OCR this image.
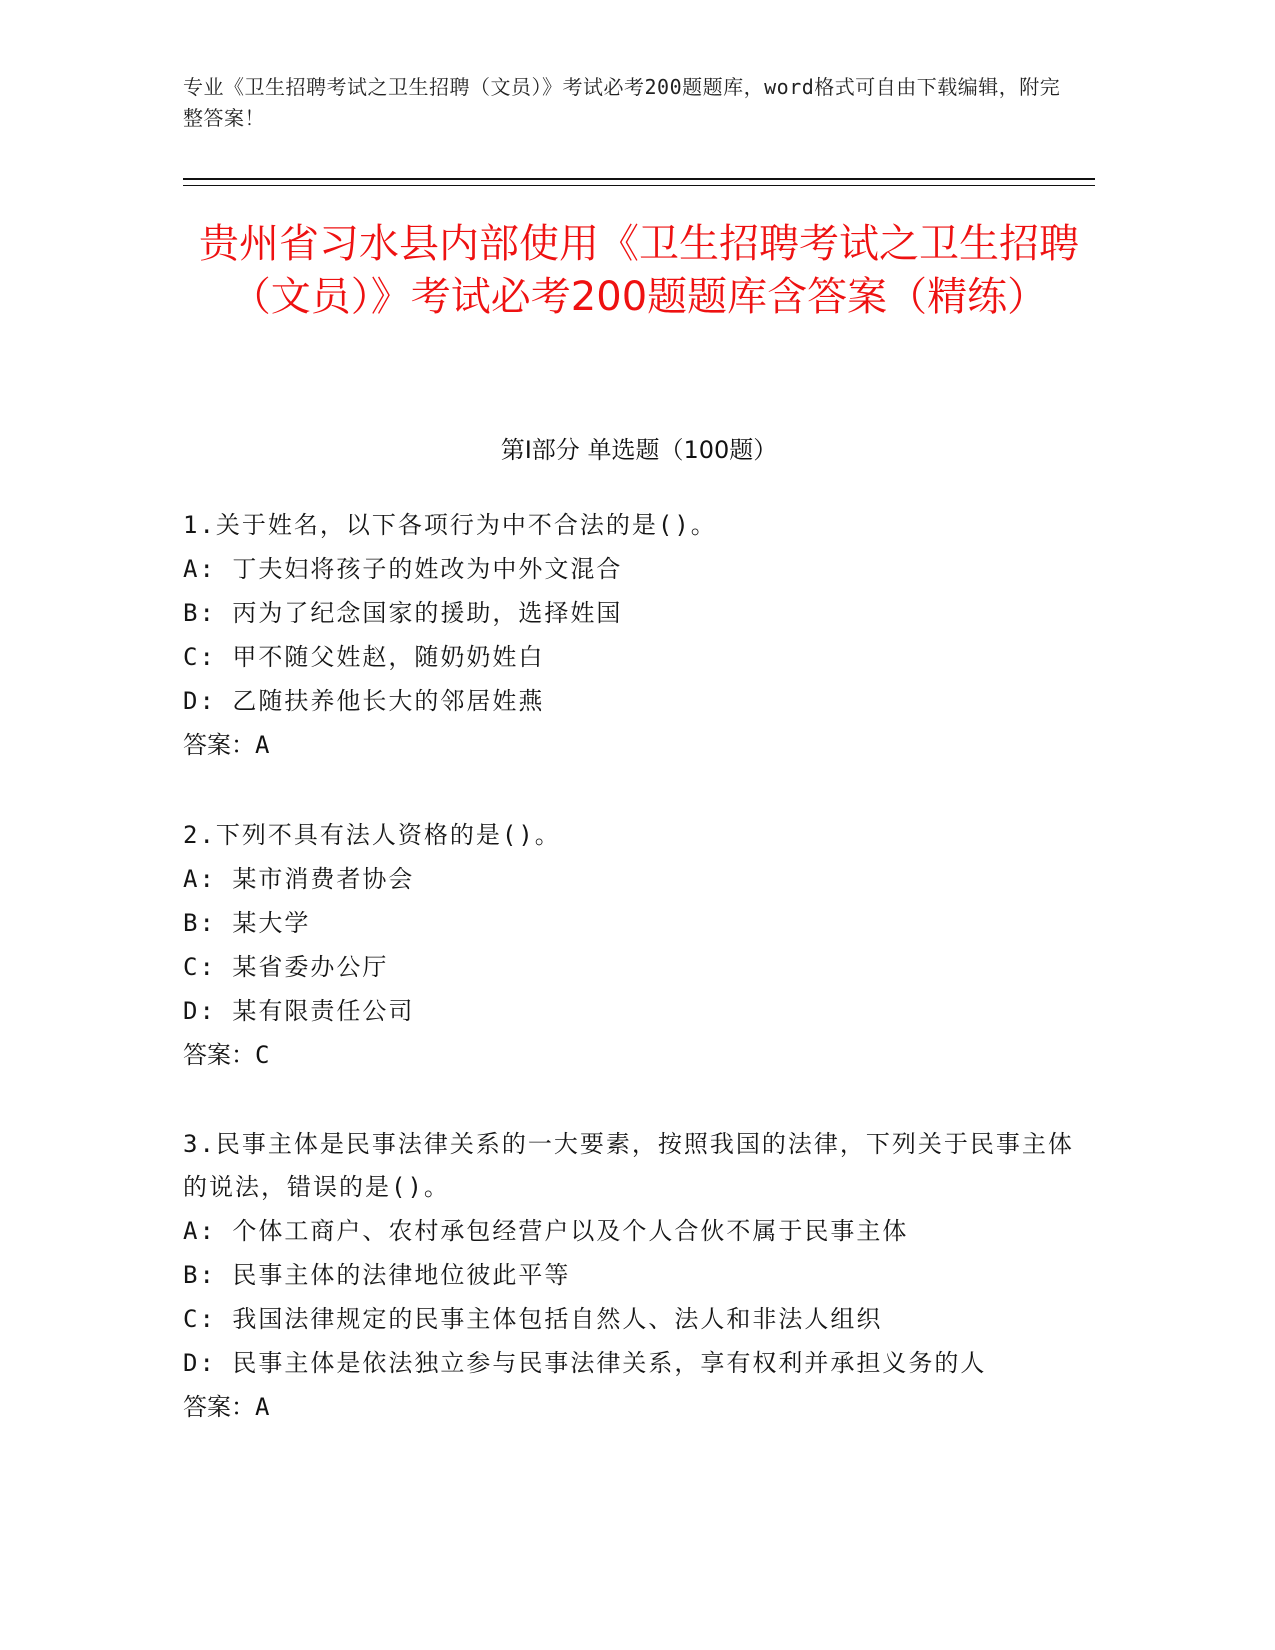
专业《卫生招聘考试之卫生招聘（文员）》考试必考200题题库，word格式可自由下载编辑，附完整答案！
贵州省习水县内部使用《卫生招聘考试之卫生招聘（文员）》考试必考200题题库含答案（精练）
第I部分 单选题（100题）
1.关于姓名，以下各项行为中不合法的是()。
A: 丁夫妇将孩子的姓改为中外文混合
B: 丙为了纪念国家的援助，选择姓国
C: 甲不随父姓赵，随奶奶姓白
D: 乙随扶养他长大的邻居姓燕
答案：A
2.下列不具有法人资格的是()。
A: 某市消费者协会
B: 某大学
C: 某省委办公厅
D: 某有限责任公司
答案：C
3.民事主体是民事法律关系的一大要素，按照我国的法律，下列关于民事主体的说法，错误的是()。
A: 个体工商户、农村承包经营户以及个人合伙不属于民事主体
B: 民事主体的法律地位彼此平等
C: 我国法律规定的民事主体包括自然人、法人和非法人组织
D: 民事主体是依法独立参与民事法律关系，享有权利并承担义务的人
答案：A
